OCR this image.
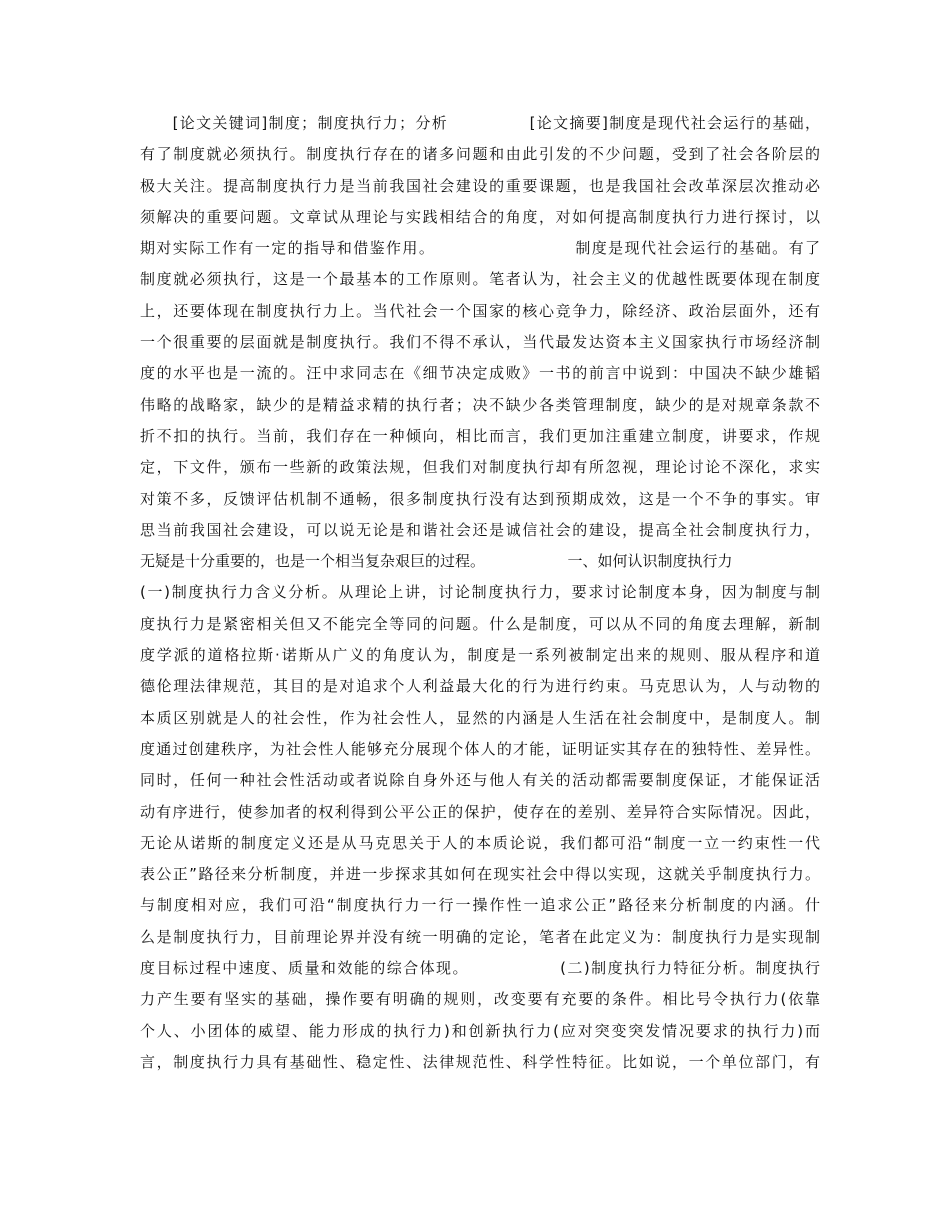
　　[论文关键词]制度；制度执行力；分析　　　　　[论文摘要]制度是现代社会运行的基础，
有了制度就必须执行。制度执行存在的诸多问题和由此引发的不少问题，受到了社会各阶层的
极大关注。提高制度执行力是当前我国社会建设的重要课题，也是我国社会改革深层次推动必
须解决的重要问题。文章试从理论与实践相结合的角度，对如何提高制度执行力进行探讨，以
期对实际工作有一定的指导和借鉴作用。　　　　　　　　　制度是现代社会运行的基础。有了
制度就必须执行，这是一个最基本的工作原则。笔者认为，社会主义的优越性既要体现在制度
上，还要体现在制度执行力上。当代社会一个国家的核心竞争力，除经济、政治层面外，还有
一个很重要的层面就是制度执行。我们不得不承认，当代最发达资本主义国家执行市场经济制
度的水平也是一流的。汪中求同志在《细节决定成败》一书的前言中说到：中国决不缺少雄韬
伟略的战略家，缺少的是精益求精的执行者；决不缺少各类管理制度，缺少的是对规章条款不
折不扣的执行。当前，我们存在一种倾向，相比而言，我们更加注重建立制度，讲要求，作规
定，下文件，颁布一些新的政策法规，但我们对制度执行却有所忽视，理论讨论不深化，求实
对策不多，反馈评估机制不通畅，很多制度执行没有达到预期成效，这是一个不争的事实。审
思当前我国社会建设，可以说无论是和谐社会还是诚信社会的建设，提高全社会制度执行力，
无疑是十分重要的，也是一个相当复杂艰巨的过程。　　　　　　一、如何认识制度执行力
(一)制度执行力含义分析。从理论上讲，讨论制度执行力，要求讨论制度本身，因为制度与制
度执行力是紧密相关但又不能完全等同的问题。什么是制度，可以从不同的角度去理解，新制
度学派的道格拉斯·诺斯从广义的角度认为，制度是一系列被制定出来的规则、服从程序和道
德伦理法律规范，其目的是对追求个人利益最大化的行为进行约束。马克思认为，人与动物的
本质区别就是人的社会性，作为社会性人，显然的内涵是人生活在社会制度中，是制度人。制
度通过创建秩序，为社会性人能够充分展现个体人的才能，证明证实其存在的独特性、差异性。
同时，任何一种社会性活动或者说除自身外还与他人有关的活动都需要制度保证，才能保证活
动有序进行，使参加者的权利得到公平公正的保护，使存在的差别、差异符合实际情况。因此，
无论从诺斯的制度定义还是从马克思关于人的本质论说，我们都可沿“制度一立一约束性一代
表公正”路径来分析制度，并进一步探求其如何在现实社会中得以实现，这就关乎制度执行力。
与制度相对应，我们可沿“制度执行力一行一操作性一追求公正”路径来分析制度的内涵。什
么是制度执行力，目前理论界并没有统一明确的定论，笔者在此定义为：制度执行力是实现制
度目标过程中速度、质量和效能的综合体现。　　　　　　(二)制度执行力特征分析。制度执行
力产生要有坚实的基础，操作要有明确的规则，改变要有充要的条件。相比号令执行力(依靠
个人、小团体的威望、能力形成的执行力)和创新执行力(应对突变突发情况要求的执行力)而
言，制度执行力具有基础性、稳定性、法律规范性、科学性特征。比如说，一个单位部门，有
